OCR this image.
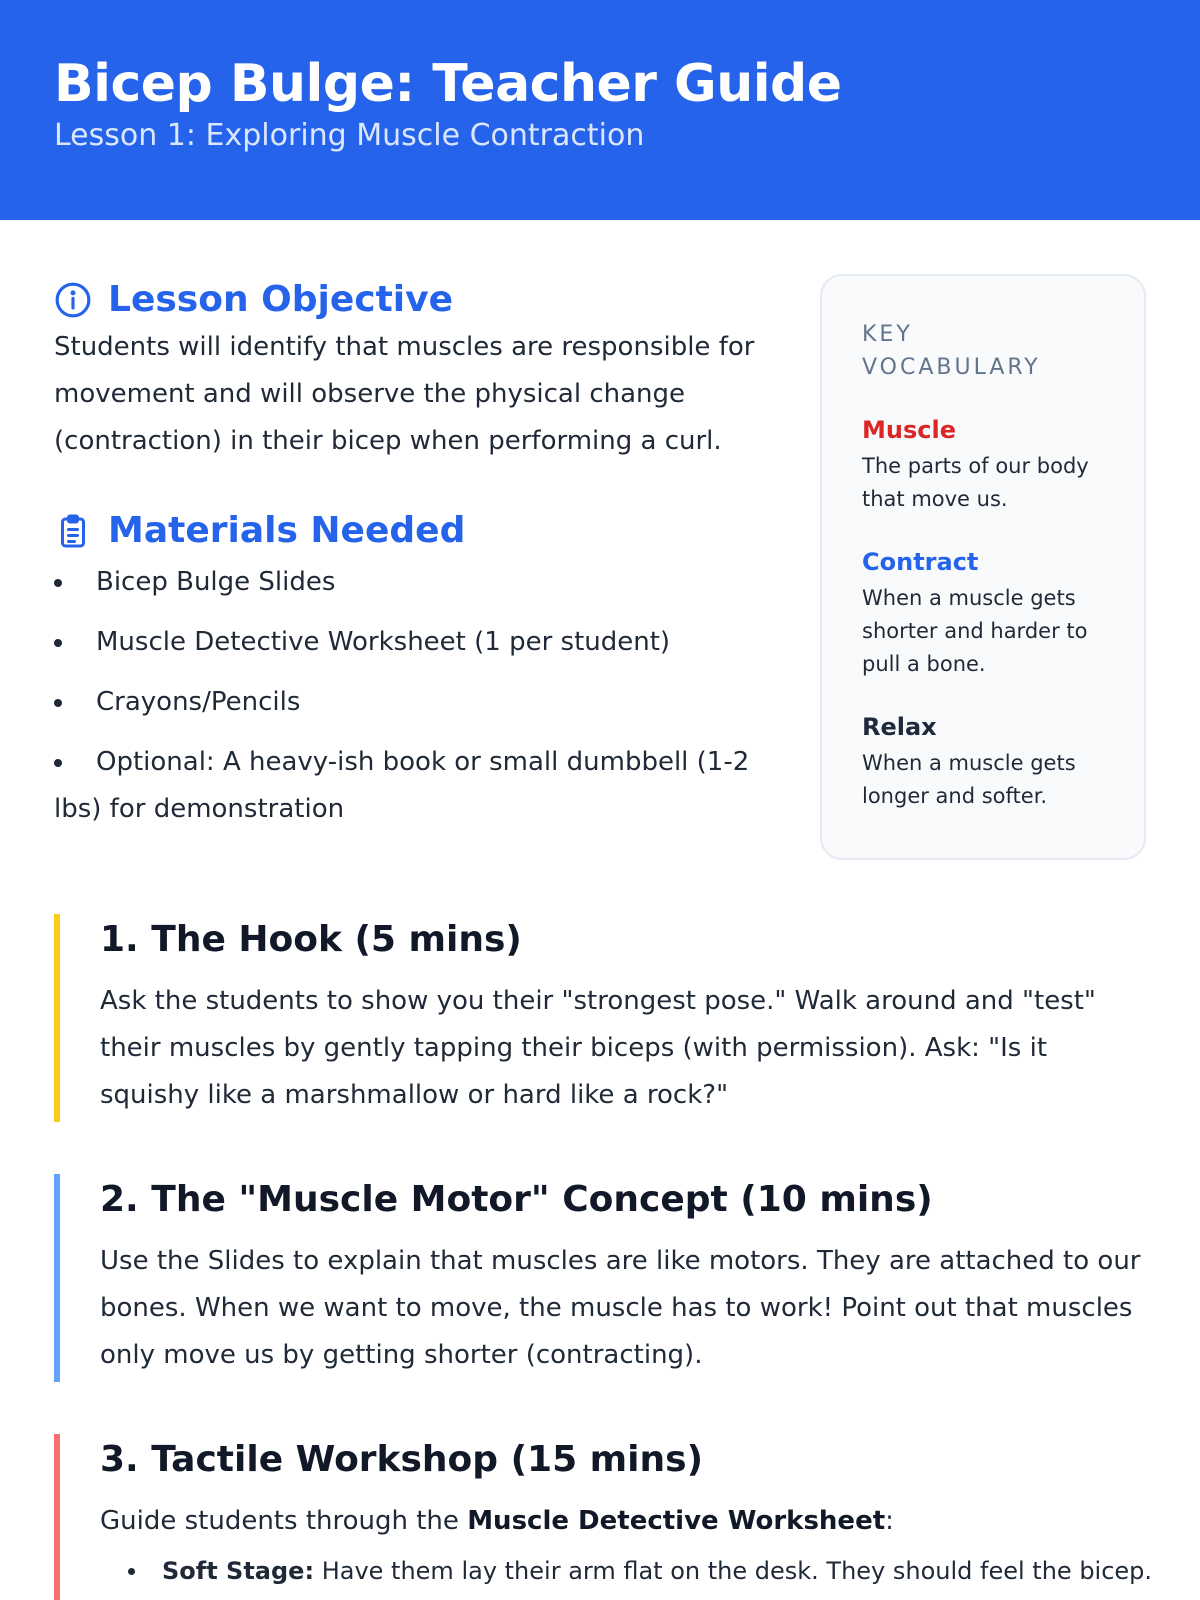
Bicep Bulge: Teacher Guide
Lesson 1: Exploring Muscle Contraction
Lesson Objective

Students will identify that muscles are responsible for movement and will observe the physical change (contraction) in their bicep when performing a curl.

Materials Needed
Bicep Bulge Slides
Muscle Detective Worksheet (1 per student)
Crayons/Pencils
Optional: A heavy-ish book or small dumbbell (1-2 lbs) for demonstration
KEY VOCABULARY
Muscle
The parts of our body that move us.
Contract
When a muscle gets shorter and harder to pull a bone.
Relax
When a muscle gets longer and softer.
1. The Hook (5 mins)

Ask the students to show you their "strongest pose." Walk around and "test" their muscles by gently tapping their biceps (with permission). Ask: "Is it squishy like a marshmallow or hard like a rock?"

2. The "Muscle Motor" Concept (10 mins)

Use the Slides to explain that muscles are like motors. They are attached to our bones. When we want to move, the muscle has to work! Point out that muscles only move us by getting shorter (contracting).

3. Tactile Workshop (15 mins)

Guide students through the Muscle Detective Worksheet:

Soft Stage: Have them lay their arm flat on the desk. They should feel the bicep.
